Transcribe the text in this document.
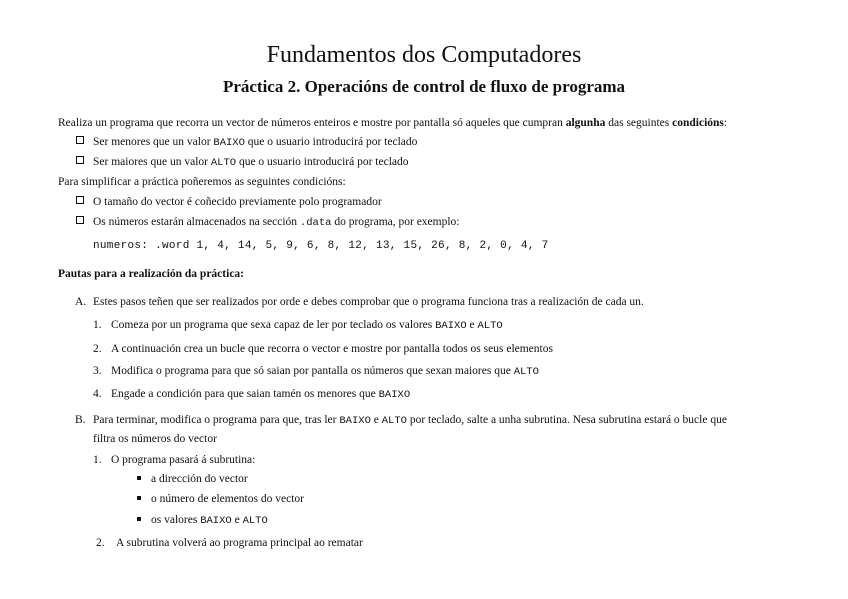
Fundamentos dos Computadores
Práctica 2. Operacións de control de fluxo de programa
Realiza un programa que recorra un vector de números enteiros e mostre por pantalla só aqueles que cumpran algunha das seguintes condicións:
Ser menores que un valor BAIXO que o usuario introducirá por teclado
Ser maiores que un valor ALTO que o usuario introducirá por teclado
Para simplificar a práctica poñeremos as seguintes condicións:
O tamaño do vector é coñecido previamente polo programador
Os números estarán almacenados na sección .data do programa, por exemplo:
numeros: .word 1, 4, 14, 5, 9, 6, 8, 12, 13, 15, 26, 8, 2, 0, 4, 7
Pautas para a realización da práctica:
A. Estes pasos teñen que ser realizados por orde e debes comprobar que o programa funciona tras a realización de cada un.
1. Comeza por un programa que sexa capaz de ler por teclado os valores BAIXO e ALTO
2. A continuación crea un bucle que recorra o vector e mostre por pantalla todos os seus elementos
3. Modifica o programa para que só saian por pantalla os números que sexan maiores que ALTO
4. Engade a condición para que saian tamén os menores que BAIXO
B. Para terminar, modifica o programa para que, tras ler BAIXO e ALTO por teclado, salte a unha subrutina. Nesa subrutina estará o bucle que
filtra os números do vector
1. O programa pasará á subrutina:
a dirección do vector
o número de elementos do vector
os valores BAIXO e ALTO
2. A subrutina volverá ao programa principal ao rematar
